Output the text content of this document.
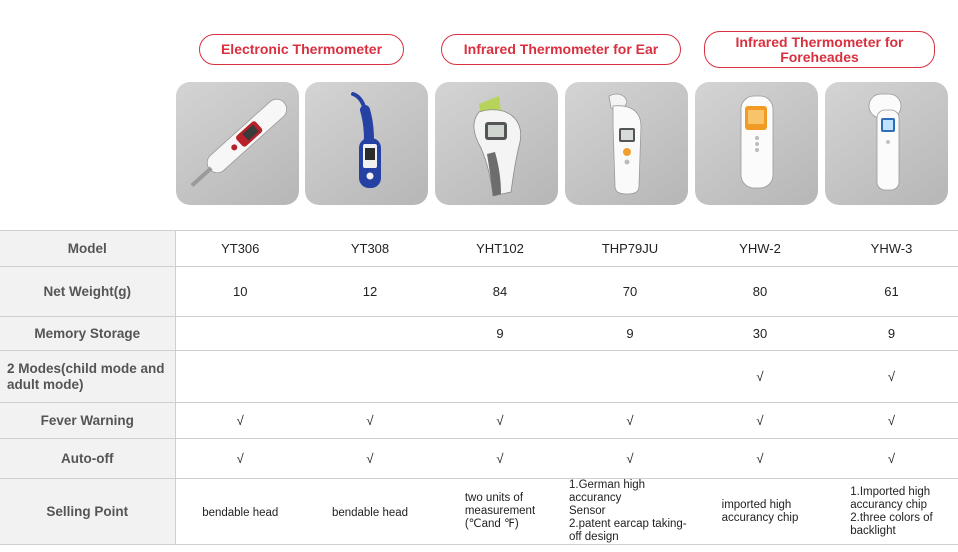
Electronic Thermometer	Infrared Thermometer for Ear	Infrared Thermometer for Foreheades
Model	YT306	YT308	YHT102	THP79JU	YHW-2	YHW-3
Net Weight(g)	10	12	84	70	80	61
Memory Storage			9	9	30	9
2 Modes(child mode and adult mode)					√	√
Fever Warning	√	√	√	√	√	√
Auto-off	√	√	√	√	√	√
Selling Point	bendable head	bendable head	two units of
measurement
(℃and ℉)	1.German high accurancy
Sensor
2.patent earcap taking-
off design	imported high
accurancy chip	1.Imported high
accurancy chip
2.three colors of
backlight
